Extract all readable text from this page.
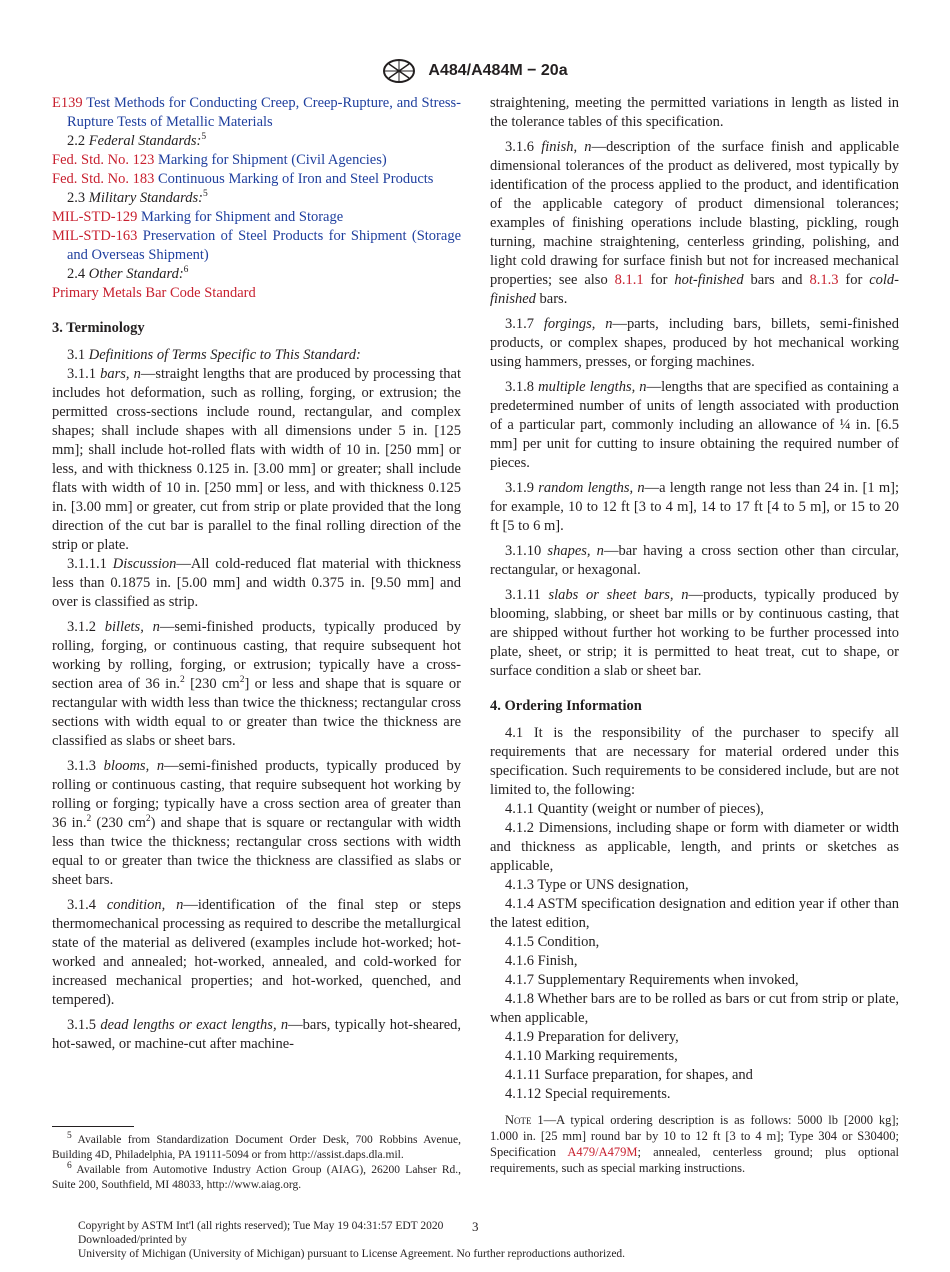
A484/A484M − 20a

E139 Test Methods for Conducting Creep, Creep-Rupture, and Stress-Rupture Tests of Metallic Materials

2.2 Federal Standards:$^5$

Fed. Std. No. 123 Marking for Shipment (Civil Agencies)

Fed. Std. No. 183 Continuous Marking of Iron and Steel Products

2.3 Military Standards:$^5$

MIL-STD-129 Marking for Shipment and Storage

MIL-STD-163 Preservation of Steel Products for Shipment (Storage and Overseas Shipment)

2.4 Other Standard:$^6$

Primary Metals Bar Code Standard

3. Terminology

3.1 Definitions of Terms Specific to This Standard:

3.1.1 bars, n—straight lengths that are produced by processing that includes hot deformation, such as rolling, forging, or extrusion; the permitted cross-sections include round, rectangular, and complex shapes; shall include shapes with all dimensions under 5 in. [125 mm]; shall include hot-rolled flats with width of 10 in. [250 mm] or less, and with thickness 0.125 in. [3.00 mm] or greater; shall include flats with width of 10 in. [250 mm] or less, and with thickness 0.125 in. [3.00 mm] or greater, cut from strip or plate provided that the long direction of the cut bar is parallel to the final rolling direction of the strip or plate.

3.1.1.1 Discussion—All cold-reduced flat material with thickness less than 0.1875 in. [5.00 mm] and width 0.375 in. [9.50 mm] and over is classified as strip.

3.1.2 billets, n—semi-finished products, typically produced by rolling, forging, or continuous casting, that require subsequent hot working by rolling, forging, or extrusion; typically have a cross-section area of 36 in.$^2$ [230 $cm^2$] or less and shape that is square or rectangular with width less than twice the thickness; rectangular cross sections with width equal to or greater than twice the thickness are classified as slabs or sheet bars.

3.1.3 blooms, n—semi-finished products, typically produced by rolling or continuous casting, that require subsequent hot working by rolling or forging; typically have a cross section area of greater than 36 in.$^2$ (230 $cm^2$) and shape that is square or rectangular with width less than twice the thickness; rectangular cross sections with width equal to or greater than twice the thickness are classified as slabs or sheet bars.

3.1.4 condition, n—identification of the final step or steps thermomechanical processing as required to describe the metallurgical state of the material as delivered (examples include hot-worked; hot-worked and annealed; hot-worked, annealed, and cold-worked for increased mechanical properties; and hot-worked, quenched, and tempered).

3.1.5 dead lengths or exact lengths, n—bars, typically hot-sheared, hot-sawed, or machine-cut after machine-

straightening, meeting the permitted variations in length as listed in the tolerance tables of this specification.

3.1.6 finish, n—description of the surface finish and applicable dimensional tolerances of the product as delivered, most typically by identification of the process applied to the product, and identification of the applicable category of product dimensional tolerances; examples of finishing operations include blasting, pickling, rough turning, machine straightening, centerless grinding, polishing, and light cold drawing for surface finish but not for increased mechanical properties; see also 8.1.1 for hot-finished bars and 8.1.3 for cold-finished bars.

3.1.7 forgings, n—parts, including bars, billets, semi-finished products, or complex shapes, produced by hot mechanical working using hammers, presses, or forging machines.

3.1.8 multiple lengths, n—lengths that are specified as containing a predetermined number of units of length associated with production of a particular part, commonly including an allowance of ¼ in. [6.5 mm] per unit for cutting to insure obtaining the required number of pieces.

3.1.9 random lengths, n—a length range not less than 24 in. [1 m]; for example, 10 to 12 ft [3 to 4 m], 14 to 17 ft [4 to 5 m], or 15 to 20 ft [5 to 6 m].

3.1.10 shapes, n—bar having a cross section other than circular, rectangular, or hexagonal.

3.1.11 slabs or sheet bars, n—products, typically produced by blooming, slabbing, or sheet bar mills or by continuous casting, that are shipped without further hot working to be further processed into plate, sheet, or strip; it is permitted to heat treat, cut to shape, or surface condition a slab or sheet bar.

4. Ordering Information

4.1 It is the responsibility of the purchaser to specify all requirements that are necessary for material ordered under this specification. Such requirements to be considered include, but are not limited to, the following:

4.1.1 Quantity (weight or number of pieces),

4.1.2 Dimensions, including shape or form with diameter or width and thickness as applicable, length, and prints or sketches as applicable,

4.1.3 Type or UNS designation,

4.1.4 ASTM specification designation and edition year if other than the latest edition,

4.1.5 Condition,

4.1.6 Finish,

4.1.7 Supplementary Requirements when invoked,

4.1.8 Whether bars are to be rolled as bars or cut from strip or plate, when applicable,

4.1.9 Preparation for delivery,

4.1.10 Marking requirements,

4.1.11 Surface preparation, for shapes, and

4.1.12 Special requirements.

Note 1—A typical ordering description is as follows: 5000 lb [2000 kg]; 1.000 in. [25 mm] round bar by 10 to 12 ft [3 to 4 m]; Type 304 or S30400; Specification A479/A479M; annealed, centerless ground; plus optional requirements, such as special marking instructions.

$^5$ Available from Standardization Document Order Desk, 700 Robbins Avenue, Building 4D, Philadelphia, PA 19111-5094 or from http://assist.daps.dla.mil.
$^6$ Available from Automotive Industry Action Group (AIAG), 26200 Lahser Rd., Suite 200, Southfield, MI 48033, http://www.aiag.org.
Copyright by ASTM Int'l (all rights reserved); Tue May 19 04:31:57 EDT 2020
Downloaded/printed by
University of Michigan (University of Michigan) pursuant to License Agreement. No further reproductions authorized.
3
